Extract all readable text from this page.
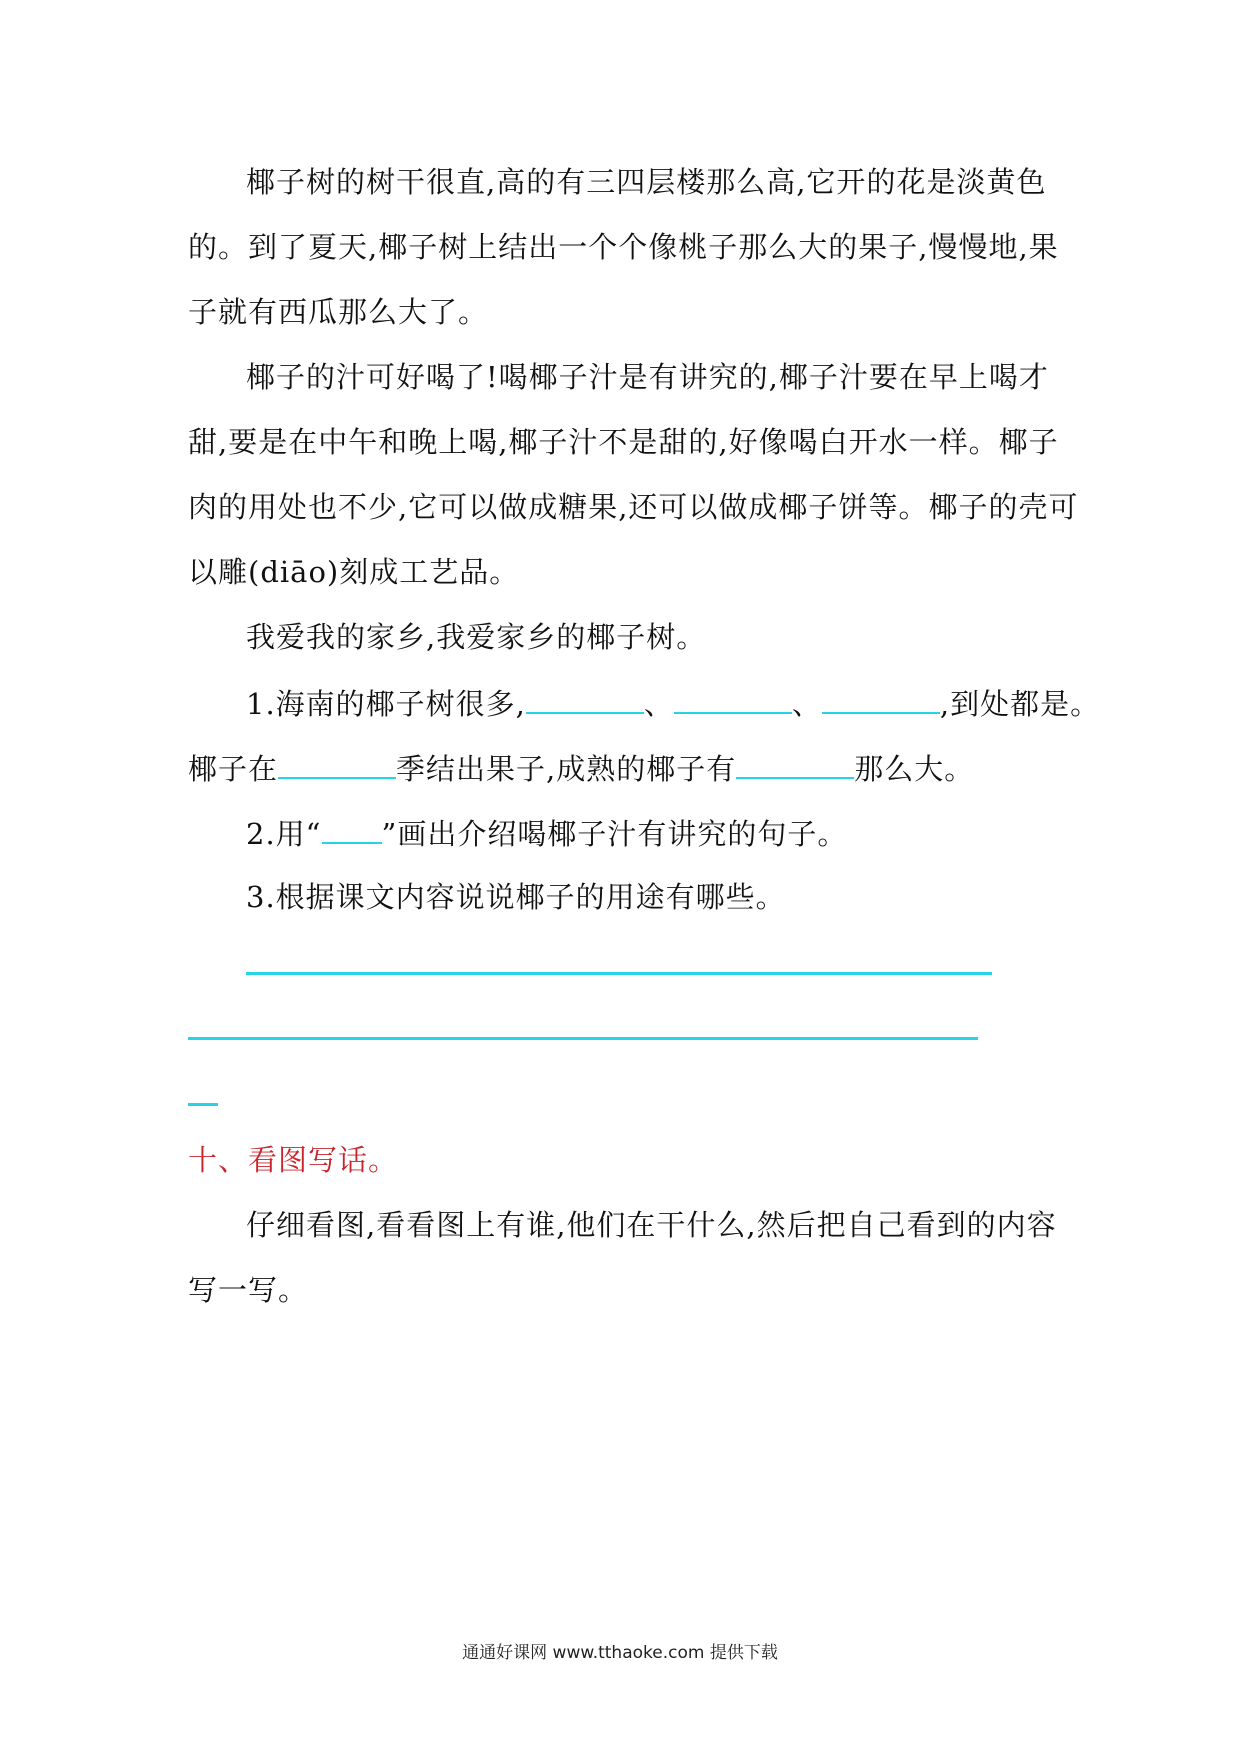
椰子树的树干很直,高的有三四层楼那么高,它开的花是淡黄色
的。到了夏天,椰子树上结出一个个像桃子那么大的果子,慢慢地,果
子就有西瓜那么大了。
椰子的汁可好喝了!喝椰子汁是有讲究的,椰子汁要在早上喝才
甜,要是在中午和晚上喝,椰子汁不是甜的,好像喝白开水一样。椰子
肉的用处也不少,它可以做成糖果,还可以做成椰子饼等。椰子的壳可
以雕(diāo)刻成工艺品。
我爱我的家乡,我爱家乡的椰子树。
1.海南的椰子树很多,	、	、	,到处都是。
椰子在	季结出果子,成熟的椰子有	那么大。
2.用“ ”画出介绍喝椰子汁有讲究的句子。
3.根据课文内容说说椰子的用途有哪些。
十、看图写话。
仔细看图,看看图上有谁,他们在干什么,然后把自己看到的内容
写一写。
通通好课网 www.tthaoke.com 提供下载
